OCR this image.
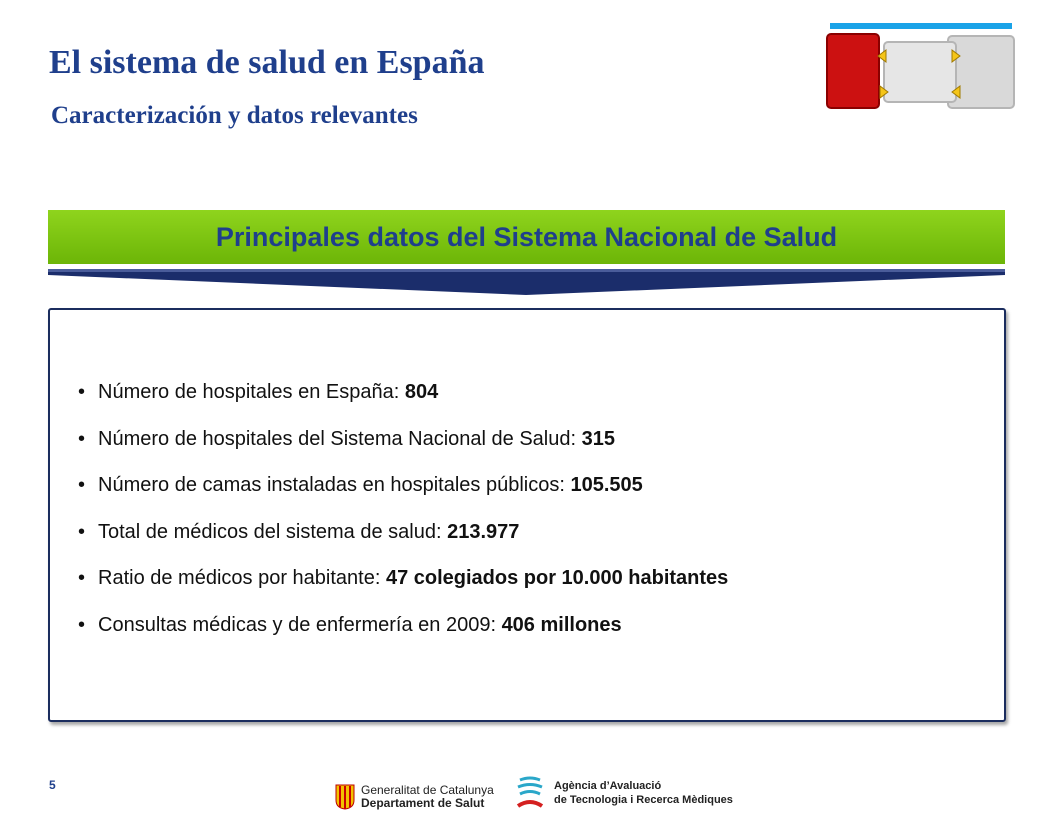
El sistema de salud en España
Caracterización y datos relevantes
Principales datos del Sistema Nacional de Salud
• Número de hospitales en España: 804
• Número de hospitales del Sistema Nacional de Salud: 315
• Número de camas instaladas en hospitales públicos: 105.505
• Total de médicos del sistema de salud: 213.977
• Ratio de médicos por habitante: 47 colegiados por 10.000 habitantes
• Consultas médicas y de enfermería en 2009: 406 millones
5	Generalitat de Catalunya
Departament de Salut
Agència d’Avaluació
de Tecnologia i Recerca Mèdiques
